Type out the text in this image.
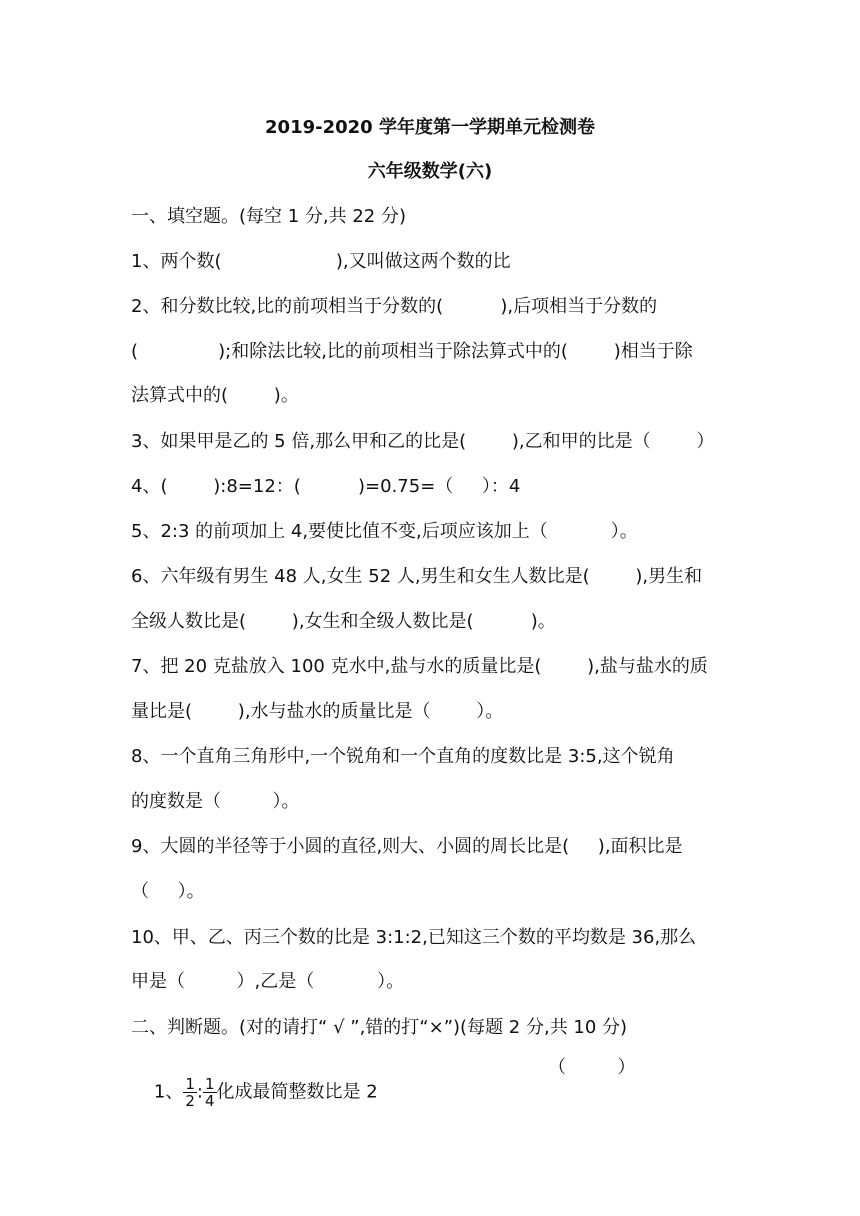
2019-2020 学年度第一学期单元检测卷
六年级数学(六)
一、填空题。(每空 1 分,共 22 分)
1、两个数(                    ),又叫做这两个数的比
2、和分数比较,比的前项相当于分数的(          ),后项相当于分数的
(              );和除法比较,比的前项相当于除法算式中的(        )相当于除
法算式中的(        )。
3、如果甲是乙的 5 倍,那么甲和乙的比是(        ),乙和甲的比是（        ）
4、(        ):8=12：(          )=0.75=（     ）：4
5、2:3 的前项加上 4,要使比值不变,后项应该加上（           ）。
6、六年级有男生 48 人,女生 52 人,男生和女生人数比是(        ),男生和
全级人数比是(        ),女生和全级人数比是(          )。
7、把 20 克盐放入 100 克水中,盐与水的质量比是(        ),盐与盐水的质
量比是(        ),水与盐水的质量比是（        ）。
8、一个直角三角形中,一个锐角和一个直角的度数比是 3:5,这个锐角
的度数是（         ）。
9、大圆的半径等于小圆的直径,则大、小圆的周长比是(     ),面积比是
（     ）。
10、甲、乙、丙三个数的比是 3:1:2,已知这三个数的平均数是 36,那么
甲是（         ）,乙是（           ）。
二、判断题。(对的请打“ √ ”,错的打“×”)(每题 2 分,共 10 分)

1、 $\frac{1}{2}$ : $\frac{1}{4}$ 化成最简整数比是 2

（         ）
